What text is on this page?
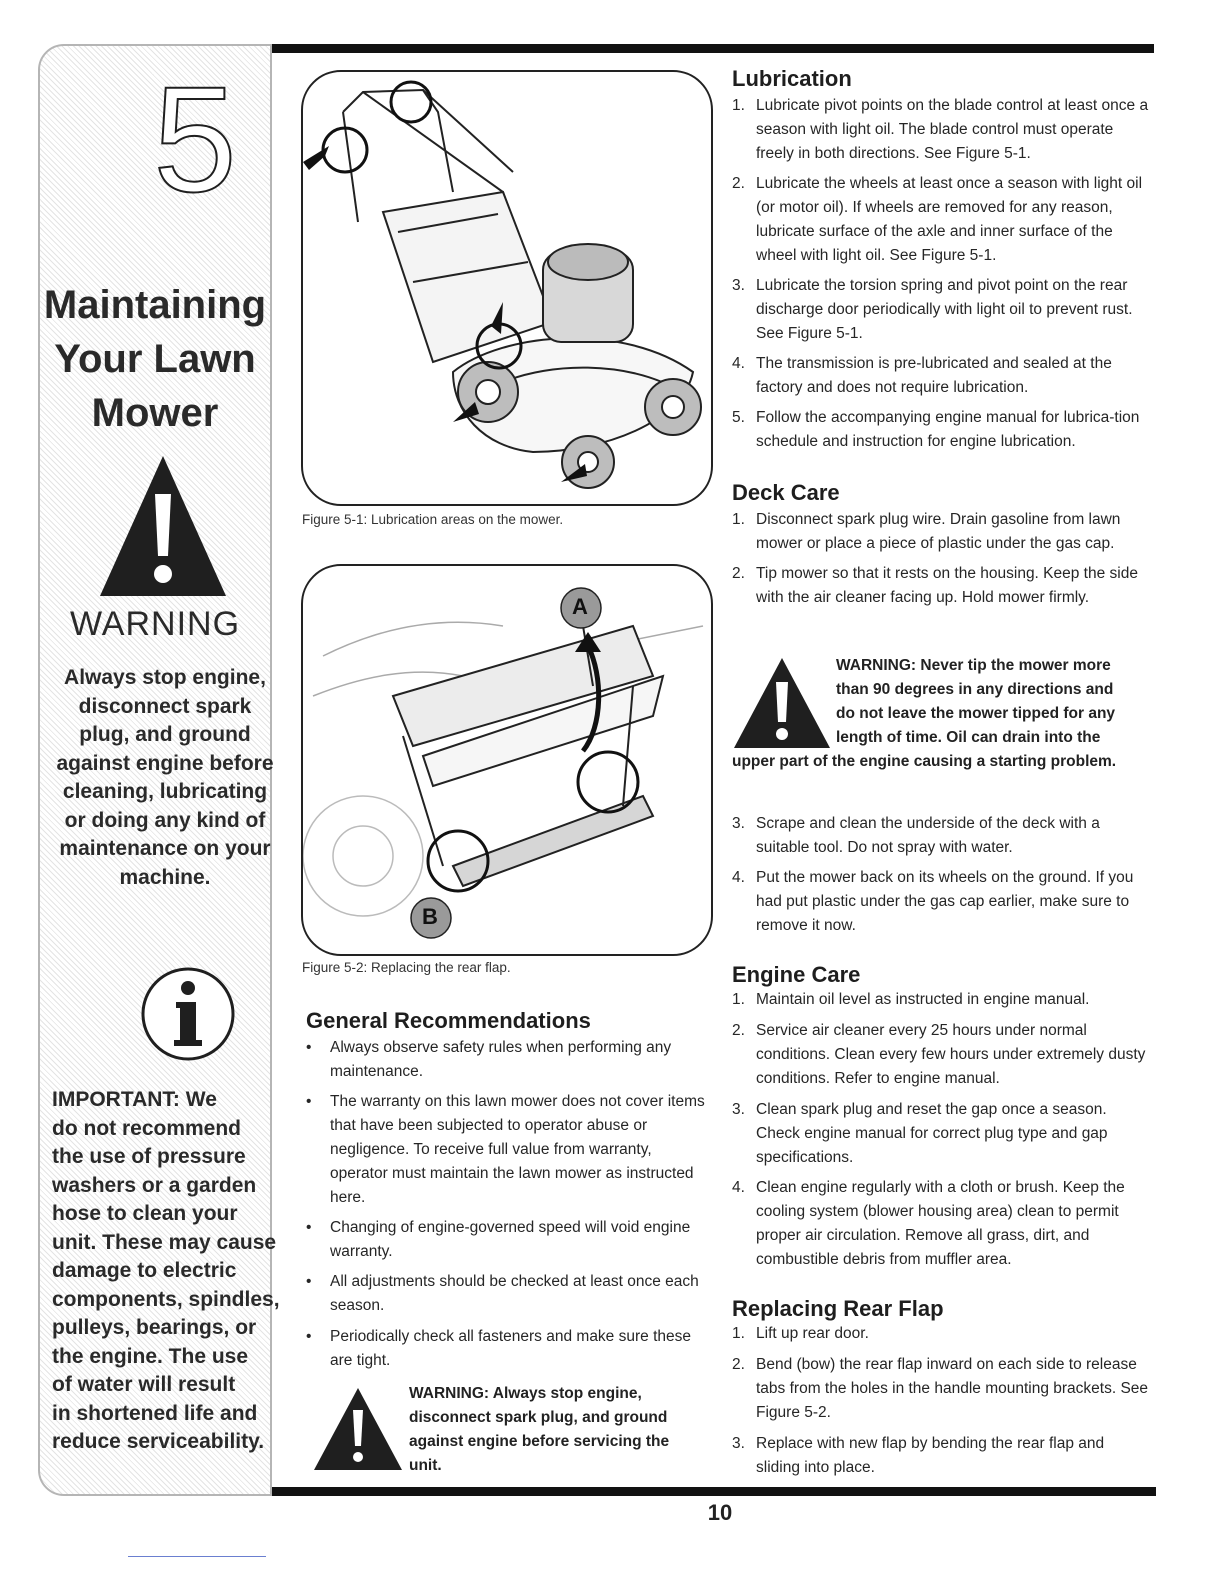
5
Maintaining
Your Lawn
Mower
WARNING
Always stop engine, disconnect spark plug, and ground against engine before cleaning, lubricating or doing any kind of maintenance on your machine.
IMPORTANT: We
do not recommend
the use of pressure
washers or a garden
hose to clean your
unit. These may cause
damage to electric
components, spindles,
pulleys, bearings, or
the engine. The use
of water will result
in shortened life and
reduce serviceability.
Figure 5-1: Lubrication areas on the mower.
A
B
Figure 5-2: Replacing the rear flap.
General Recommendations
•	Always observe safety rules when performing any maintenance.
•	The warranty on this lawn mower does not cover items that have been subjected to operator abuse or negligence. To receive full value from warranty, operator must maintain the lawn mower as instructed here.
•	Changing of engine-governed speed will void engine warranty.
•	All adjustments should be checked at least once each season.
•	Periodically check all fasteners and make sure these are tight.
WARNING: Always stop engine, disconnect spark plug, and ground against engine before servicing the unit.
Lubrication
1. Lubricate pivot points on the blade control at least once a season with light oil. The blade control must operate freely in both directions. See Figure 5-1.
2. Lubricate the wheels at least once a season with light oil (or motor oil). If wheels are removed for any reason, lubricate surface of the axle and inner surface of the wheel with light oil. See Figure 5-1.
3. Lubricate the torsion spring and pivot point on the rear discharge door periodically with light oil to prevent rust. See Figure 5-1.
4. The transmission is pre-lubricated and sealed at the factory and does not require lubrication.
5. Follow the accompanying engine manual for lubrica-tion schedule and instruction for engine lubrication.
Deck Care
1. Disconnect spark plug wire. Drain gasoline from lawn mower or place a piece of plastic under the gas cap.
2. Tip mower so that it rests on the housing. Keep the side with the air cleaner facing up. Hold mower firmly.
WARNING: Never tip the mower more
than 90 degrees in any directions and
do not leave the mower tipped for any
length of time. Oil can drain into the
upper part of the engine causing a starting problem.
3. Scrape and clean the underside of the deck with a suitable tool. Do not spray with water.
4. Put the mower back on its wheels on the ground. If you had put plastic under the gas cap earlier, make sure to remove it now.
Engine Care
1. Maintain oil level as instructed in engine manual.
2. Service air cleaner every 25 hours under normal conditions. Clean every few hours under extremely dusty conditions. Refer to engine manual.
3. Clean spark plug and reset the gap once a season. Check engine manual for correct plug type and gap specifications.
4. Clean engine regularly with a cloth or brush. Keep the cooling system (blower housing area) clean to permit proper air circulation. Remove all grass, dirt, and combustible debris from muffler area.
Replacing Rear Flap
1. Lift up rear door.
2. Bend (bow) the rear flap inward on each side to release tabs from the holes in the handle mounting brackets. See Figure 5-2.
3. Replace with new flap by bending the rear flap and sliding into place.
10
